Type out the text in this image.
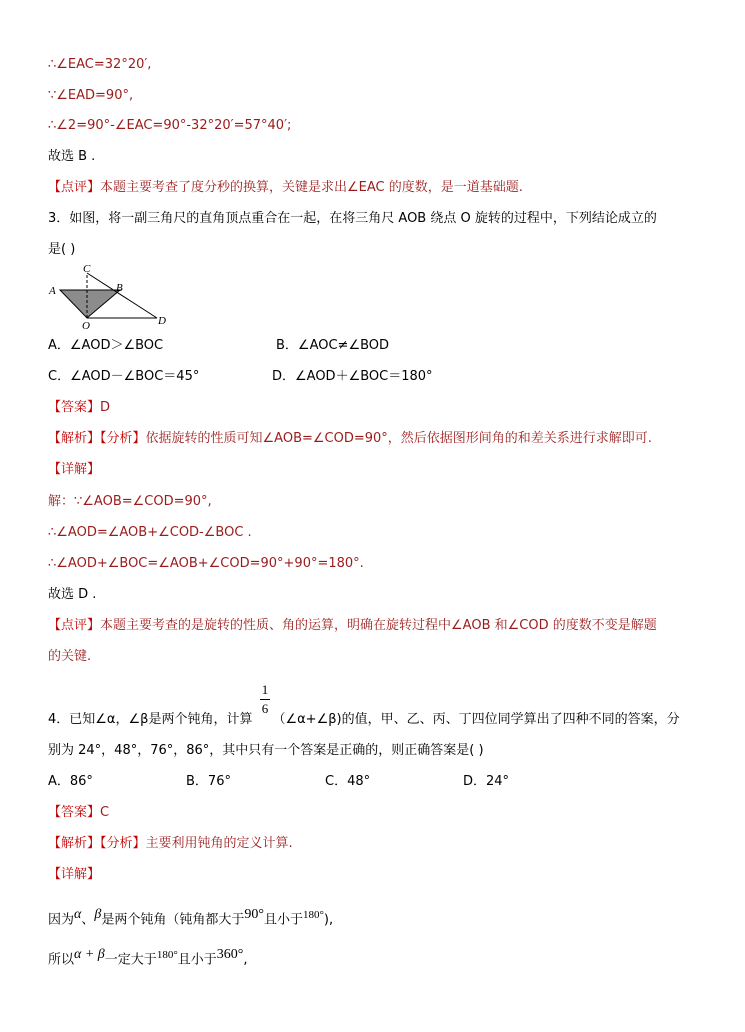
∴∠EAC=32°20′,
∵∠EAD=90°,
∴∠2=90°-∠EAC=90°-32°20′=57°40′;
故选 B .
【点评】本题主要考查了度分秒的换算，关键是求出∠EAC 的度数，是一道基础题.
3．如图，将一副三角尺的直角顶点重合在一起，在将三角尺 AOB 绕点 O 旋转的过程中，下列结论成立的
是( )
C
B
A
O	D
A．∠AOD＞∠BOC	B．∠AOC≠∠BOD
C．∠AOD－∠BOC＝45°	D．∠AOD＋∠BOC＝180°
【答案】D
【解析】【分析】依据旋转的性质可知∠AOB=∠COD=90°，然后依据图形间角的和差关系进行求解即可.
【详解】
解：∵∠AOB=∠COD=90°,
∴∠AOD=∠AOB+∠COD-∠BOC .
∴∠AOD+∠BOC=∠AOB+∠COD=90°+90°=180°.
故选 D .
【点评】本题主要考查的是旋转的性质、角的运算，明确在旋转过程中∠AOB 和∠COD 的度数不变是解题
的关键.
1
6
4．已知∠α，∠β是两个钝角，计算 （∠α+∠β)的值，甲、乙、丙、丁四位同学算出了四种不同的答案，分
别为 24°，48°，76°，86°，其中只有一个答案是正确的，则正确答案是( )
A．86°	B．76°	C．48°	D．24°
【答案】C
【解析】【分析】主要利用钝角的定义计算.
【详解】
因为$^\alpha$、$^\beta$是两个钝角（钝角都大于$^{90^\circ}$且小于$^{180^\circ}$),
所以$^{\alpha + \beta}$一定大于$^{180^\circ}$且小于$^{360^\circ}$,
